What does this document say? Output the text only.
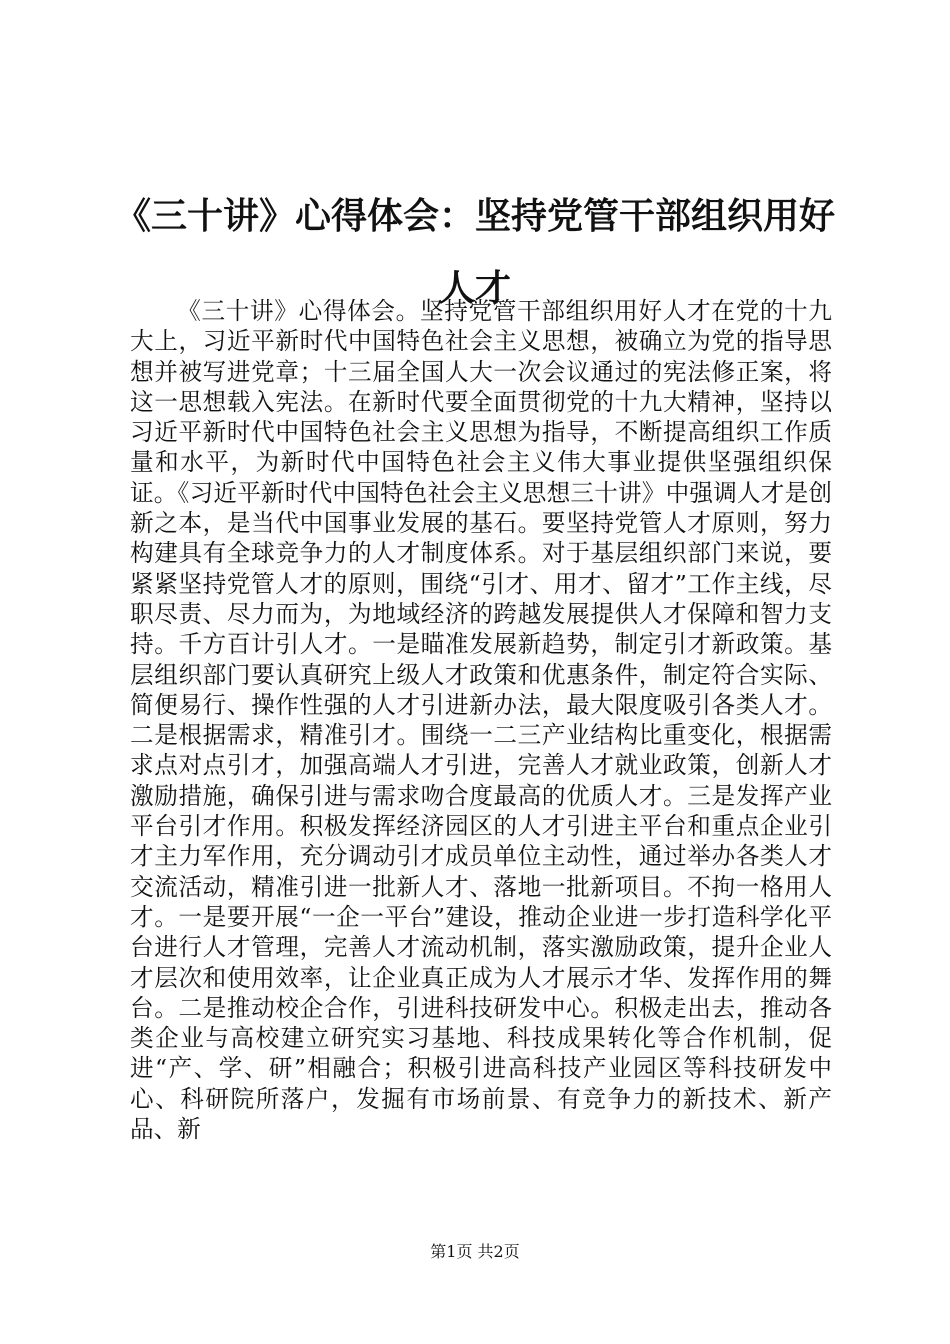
《三十讲》心得体会：坚持党管干部组织用好人才

《三十讲》心得体会。坚持党管干部组织用好人才在党的十九大上，习近平新时代中国特色社会主义思想，被确立为党的指导思想并被写进党章；十三届全国人大一次会议通过的宪法修正案，将这一思想载入宪法。在新时代要全面贯彻党的十九大精神，坚持以习近平新时代中国特色社会主义思想为指导，不断提高组织工作质量和水平，为新时代中国特色社会主义伟大事业提供坚强组织保证。《习近平新时代中国特色社会主义思想三十讲》中强调人才是创新之本，是当代中国事业发展的基石。要坚持党管人才原则，努力构建具有全球竞争力的人才制度体系。对于基层组织部门来说，要紧紧坚持党管人才的原则，围绕“引才、用才、留才”工作主线，尽职尽责、尽力而为，为地域经济的跨越发展提供人才保障和智力支持。千方百计引人才。一是瞄准发展新趋势，制定引才新政策。基层组织部门要认真研究上级人才政策和优惠条件，制定符合实际、简便易行、操作性强的人才引进新办法，最大限度吸引各类人才。二是根据需求，精准引才。围绕一二三产业结构比重变化，根据需求点对点引才，加强高端人才引进，完善人才就业政策，创新人才激励措施，确保引进与需求吻合度最高的优质人才。三是发挥产业平台引才作用。积极发挥经济园区的人才引进主平台和重点企业引才主力军作用，充分调动引才成员单位主动性，通过举办各类人才交流活动，精准引进一批新人才、落地一批新项目。不拘一格用人才。一是要开展“一企一平台”建设，推动企业进一步打造科学化平台进行人才管理，完善人才流动机制，落实激励政策，提升企业人才层次和使用效率，让企业真正成为人才展示才华、发挥作用的舞台。二是推动校企合作，引进科技研发中心。积极走出去，推动各类企业与高校建立研究实习基地、科技成果转化等合作机制，促进“产、学、研”相融合；积极引进高科技产业园区等科技研发中心、科研院所落户，发掘有市场前景、有竞争力的新技术、新产品、新

第1页 共2页
